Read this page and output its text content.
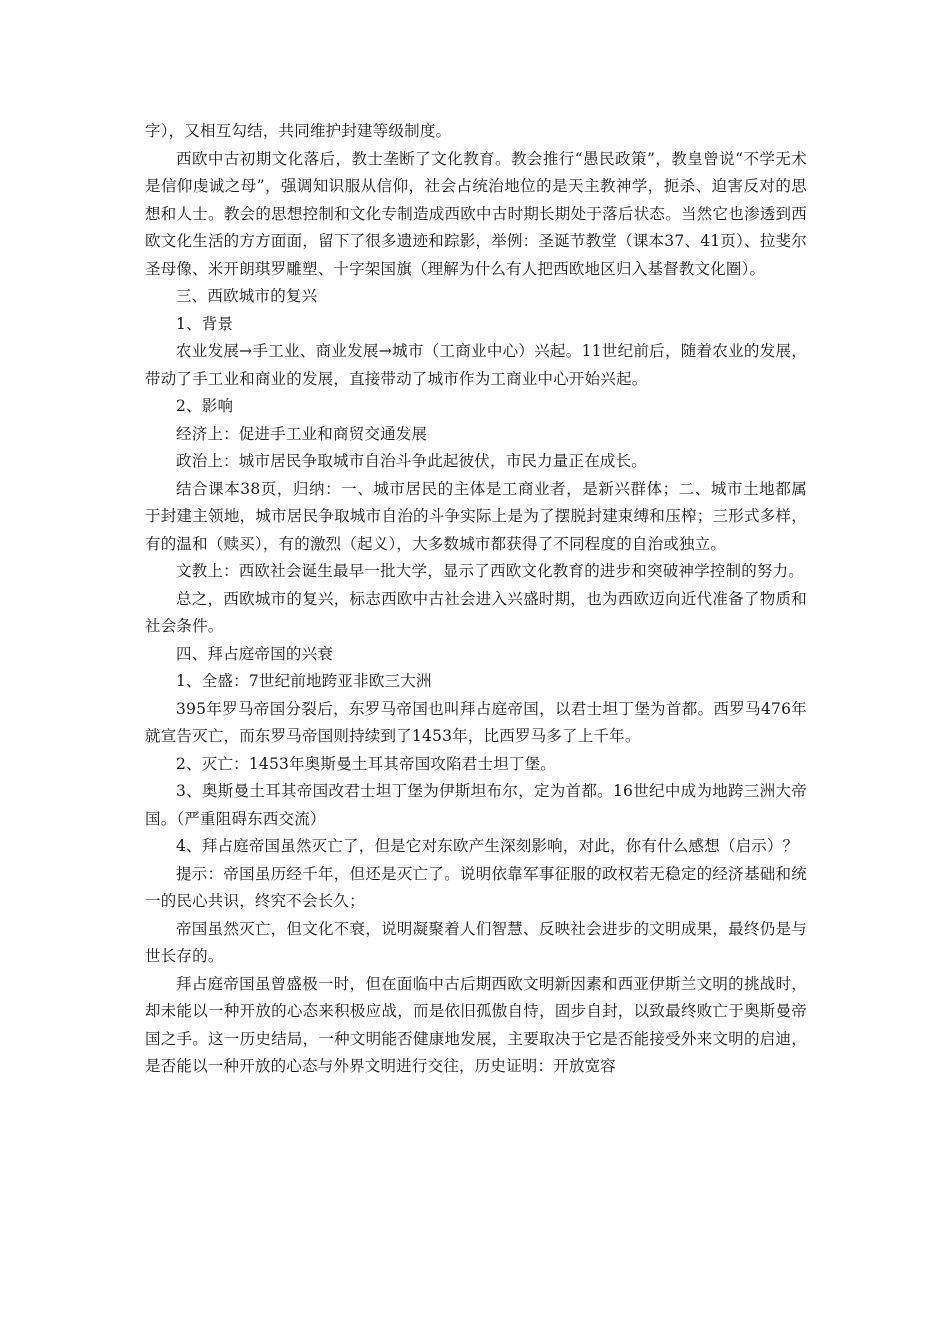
字），又相互勾结，共同维护封建等级制度。

西欧中古初期文化落后，教士垄断了文化教育。教会推行“愚民政策”，教皇曾说“不学无术是信仰虔诚之母”，强调知识服从信仰，社会占统治地位的是天主教神学，扼杀、迫害反对的思想和人士。教会的思想控制和文化专制造成西欧中古时期长期处于落后状态。当然它也渗透到西欧文化生活的方方面面，留下了很多遗迹和踪影，举例：圣诞节教堂（课本37、41页）、拉斐尔圣母像、米开朗琪罗雕塑、十字架国旗（理解为什么有人把西欧地区归入基督教文化圈）。

三、西欧城市的复兴

1、背景

农业发展→手工业、商业发展→城市（工商业中心）兴起。11世纪前后，随着农业的发展，带动了手工业和商业的发展，直接带动了城市作为工商业中心开始兴起。

2、影响

经济上：促进手工业和商贸交通发展

政治上：城市居民争取城市自治斗争此起彼伏，市民力量正在成长。

结合课本38页，归纳：一、城市居民的主体是工商业者，是新兴群体；二、城市土地都属于封建主领地，城市居民争取城市自治的斗争实际上是为了摆脱封建束缚和压榨；三形式多样，有的温和（赎买），有的激烈（起义），大多数城市都获得了不同程度的自治或独立。

文教上：西欧社会诞生最早一批大学，显示了西欧文化教育的进步和突破神学控制的努力。

总之，西欧城市的复兴，标志西欧中古社会进入兴盛时期，也为西欧迈向近代准备了物质和社会条件。

四、拜占庭帝国的兴衰

1、全盛：7世纪前地跨亚非欧三大洲

395年罗马帝国分裂后，东罗马帝国也叫拜占庭帝国，以君士坦丁堡为首都。西罗马476年就宣告灭亡，而东罗马帝国则持续到了1453年，比西罗马多了上千年。

2、灭亡：1453年奥斯曼土耳其帝国攻陷君士坦丁堡。

3、奥斯曼土耳其帝国改君士坦丁堡为伊斯坦布尔，定为首都。16世纪中成为地跨三洲大帝国。（严重阻碍东西交流）

4、拜占庭帝国虽然灭亡了，但是它对东欧产生深刻影响，对此，你有什么感想（启示）？

提示：帝国虽历经千年，但还是灭亡了。说明依靠军事征服的政权若无稳定的经济基础和统一的民心共识，终究不会长久；

帝国虽然灭亡，但文化不衰，说明凝聚着人们智慧、反映社会进步的文明成果，最终仍是与世长存的。

拜占庭帝国虽曾盛极一时，但在面临中古后期西欧文明新因素和西亚伊斯兰文明的挑战时，却未能以一种开放的心态来积极应战，而是依旧孤傲自恃，固步自封，以致最终败亡于奥斯曼帝国之手。这一历史结局，一种文明能否健康地发展，主要取决于它是否能接受外来文明的启迪，是否能以一种开放的心态与外界文明进行交往，历史证明：开放宽容
